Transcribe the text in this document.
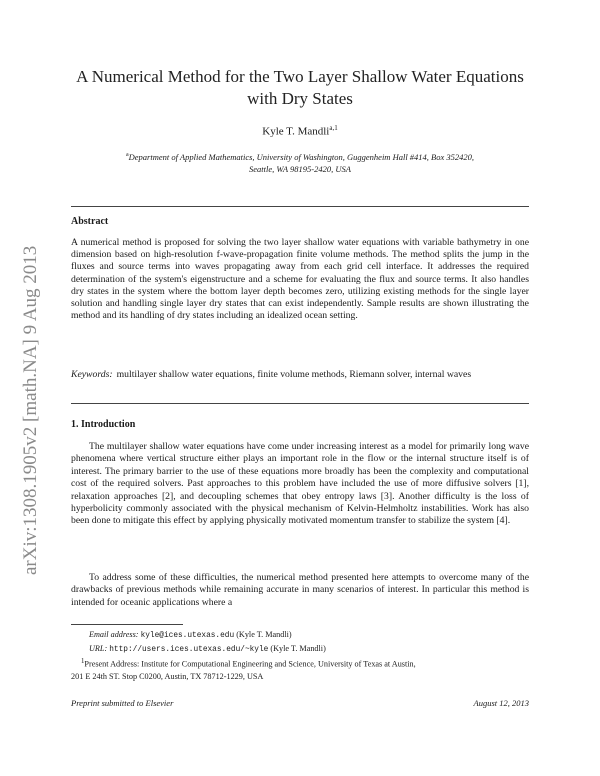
arXiv:1308.1905v2 [math.NA] 9 Aug 2013
A Numerical Method for the Two Layer Shallow Water Equations
with Dry States
Kyle T. Mandli$^{a,1}$
$^a$Department of Applied Mathematics, University of Washington, Guggenheim Hall #414, Box 352420,
Seattle, WA 98195-2420, USA
Abstract

A numerical method is proposed for solving the two layer shallow water equations with variable bathymetry in one dimension based on high-resolution f-wave-propagation finite volume methods. The method splits the jump in the fluxes and source terms into waves propagating away from each grid cell interface. It addresses the required determination of the system's eigenstructure and a scheme for evaluating the flux and source terms. It also handles dry states in the system where the bottom layer depth becomes zero, utilizing existing methods for the single layer solution and handling single layer dry states that can exist independently. Sample results are shown illustrating the method and its handling of dry states including an idealized ocean setting.

Keywords: multilayer shallow water equations, finite volume methods, Riemann solver, internal waves

1. Introduction

The multilayer shallow water equations have come under increasing interest as a model for primarily long wave phenomena where vertical structure either plays an important role in the flow or the internal structure itself is of interest. The primary barrier to the use of these equations more broadly has been the complexity and computational cost of the required solvers. Past approaches to this problem have included the use of more diffusive solvers [1], relaxation approaches [2], and decoupling schemes that obey entropy laws [3]. Another difficulty is the loss of hyperbolicity commonly associated with the physical mechanism of Kelvin-Helmholtz instabilities. Work has also been done to mitigate this effect by applying physically motivated momentum transfer to stabilize the system [4].

To address some of these difficulties, the numerical method presented here attempts to overcome many of the drawbacks of previous methods while remaining accurate in many scenarios of interest. In particular this method is intended for oceanic applications where a

Email address: kyle@ices.utexas.edu (Kyle T. Mandli)
URL: http://users.ices.utexas.edu/~kyle (Kyle T. Mandli)
$^1$Present Address: Institute for Computational Engineering and Science, University of Texas at Austin,
201 E 24th ST. Stop C0200, Austin, TX 78712-1229, USA
Preprint submitted to Elsevier	August 12, 2013
